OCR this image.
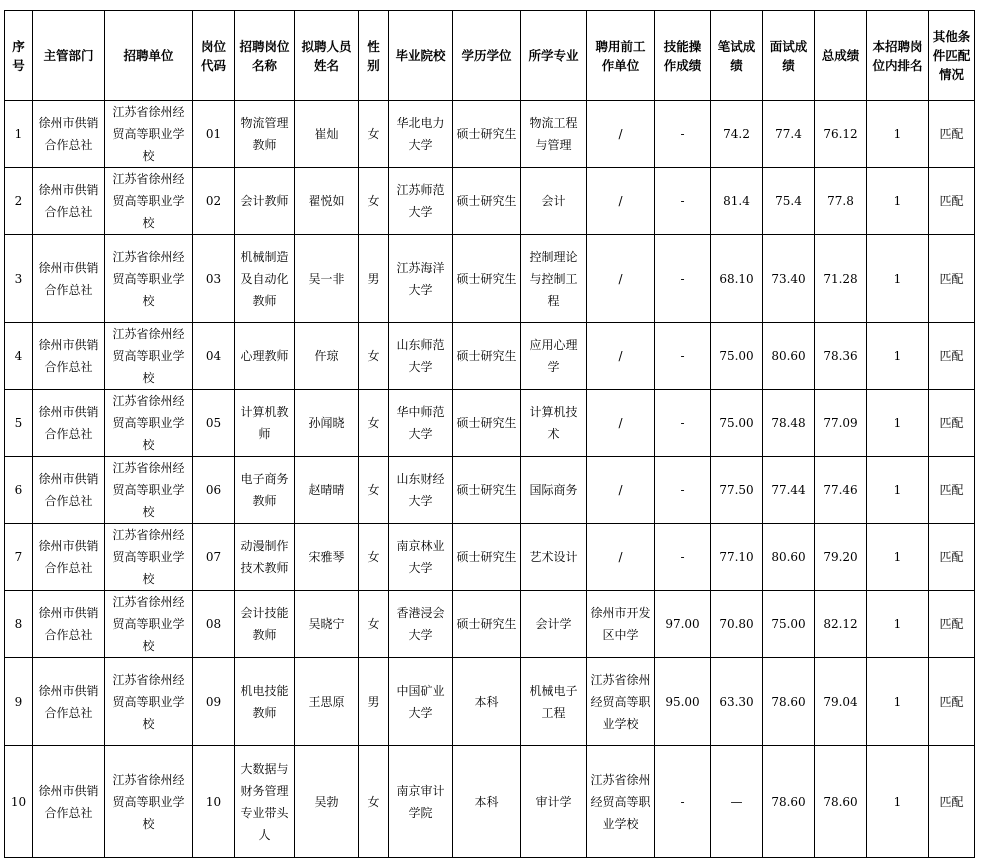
序号	主管部门	招聘单位	岗位代码	招聘岗位名称	拟聘人员姓名	性别	毕业院校	学历学位	所学专业	聘用前工作单位	技能操作成绩	笔试成绩	面试成绩	总成绩	本招聘岗位内排名	其他条件匹配情况
1	徐州市供销合作总社	江苏省徐州经贸高等职业学校	01	物流管理教师	崔灿	女	华北电力大学	硕士研究生	物流工程与管理	/	-	74.2	77.4	76.12	1	匹配
2	徐州市供销合作总社	江苏省徐州经贸高等职业学校	02	会计教师	翟悦如	女	江苏师范大学	硕士研究生	会计	/	-	81.4	75.4	77.8	1	匹配
3	徐州市供销合作总社	江苏省徐州经贸高等职业学校	03	机械制造及自动化教师	吴一非	男	江苏海洋大学	硕士研究生	控制理论与控制工程	/	-	68.10	73.40	71.28	1	匹配
4	徐州市供销合作总社	江苏省徐州经贸高等职业学校	04	心理教师	仵琼	女	山东师范大学	硕士研究生	应用心理学	/	-	75.00	80.60	78.36	1	匹配
5	徐州市供销合作总社	江苏省徐州经贸高等职业学校	05	计算机教师	孙闻晓	女	华中师范大学	硕士研究生	计算机技术	/	-	75.00	78.48	77.09	1	匹配
6	徐州市供销合作总社	江苏省徐州经贸高等职业学校	06	电子商务教师	赵晴晴	女	山东财经大学	硕士研究生	国际商务	/	-	77.50	77.44	77.46	1	匹配
7	徐州市供销合作总社	江苏省徐州经贸高等职业学校	07	动漫制作技术教师	宋雅琴	女	南京林业大学	硕士研究生	艺术设计	/	-	77.10	80.60	79.20	1	匹配
8	徐州市供销合作总社	江苏省徐州经贸高等职业学校	08	会计技能教师	吴晓宁	女	香港浸会大学	硕士研究生	会计学	徐州市开发区中学	97.00	70.80	75.00	82.12	1	匹配
9	徐州市供销合作总社	江苏省徐州经贸高等职业学校	09	机电技能教师	王思原	男	中国矿业大学	本科	机械电子工程	江苏省徐州经贸高等职业学校	95.00	63.30	78.60	79.04	1	匹配
10	徐州市供销合作总社	江苏省徐州经贸高等职业学校	10	大数据与财务管理专业带头人	吴勃	女	南京审计学院	本科	审计学	江苏省徐州经贸高等职业学校	-	—	78.60	78.60	1	匹配
